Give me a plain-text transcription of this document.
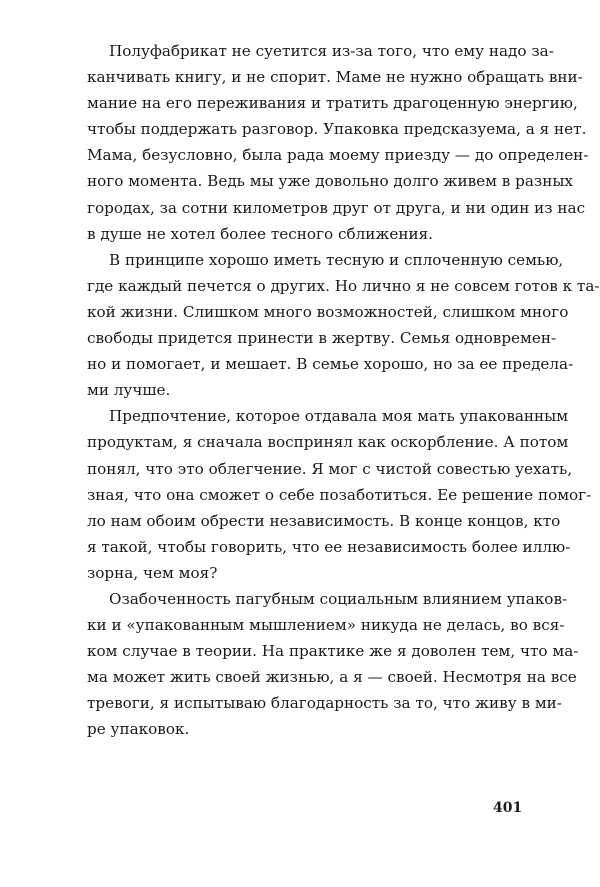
Полуфабрикат не суетится из-за того, что ему надо за-
канчивать книгу, и не спорит. Маме не нужно обращать вни-
мание на его переживания и тратить драгоценную энергию,
чтобы поддержать разговор. Упаковка предсказуема, а я нет.
Мама, безусловно, была рада моему приезду — до определен-
ного момента. Ведь мы уже довольно долго живем в разных
городах, за сотни километров друг от друга, и ни один из нас
в душе не хотел более тесного сближения.
В принципе хорошо иметь тесную и сплоченную семью,
где каждый печется о других. Но лично я не совсем готов к та-
кой жизни. Слишком много возможностей, слишком много
свободы придется принести в жертву. Семья одновремен-
но и помогает, и мешает. В семье хорошо, но за ее предела-
ми лучше.
Предпочтение, которое отдавала моя мать упакованным
продуктам, я сначала воспринял как оскорбление. А потом
понял, что это облегчение. Я мог с чистой совестью уехать,
зная, что она сможет о себе позаботиться. Ее решение помог-
ло нам обоим обрести независимость. В конце концов, кто
я такой, чтобы говорить, что ее независимость более иллю-
зорна, чем моя?
Озабоченность пагубным социальным влиянием упаков-
ки и «упакованным мышлением» никуда не делась, во вся-
ком случае в теории. На практике же я доволен тем, что ма-
ма может жить своей жизнью, а я — своей. Несмотря на все
тревоги, я испытываю благодарность за то, что живу в ми-
ре упаковок.
401
